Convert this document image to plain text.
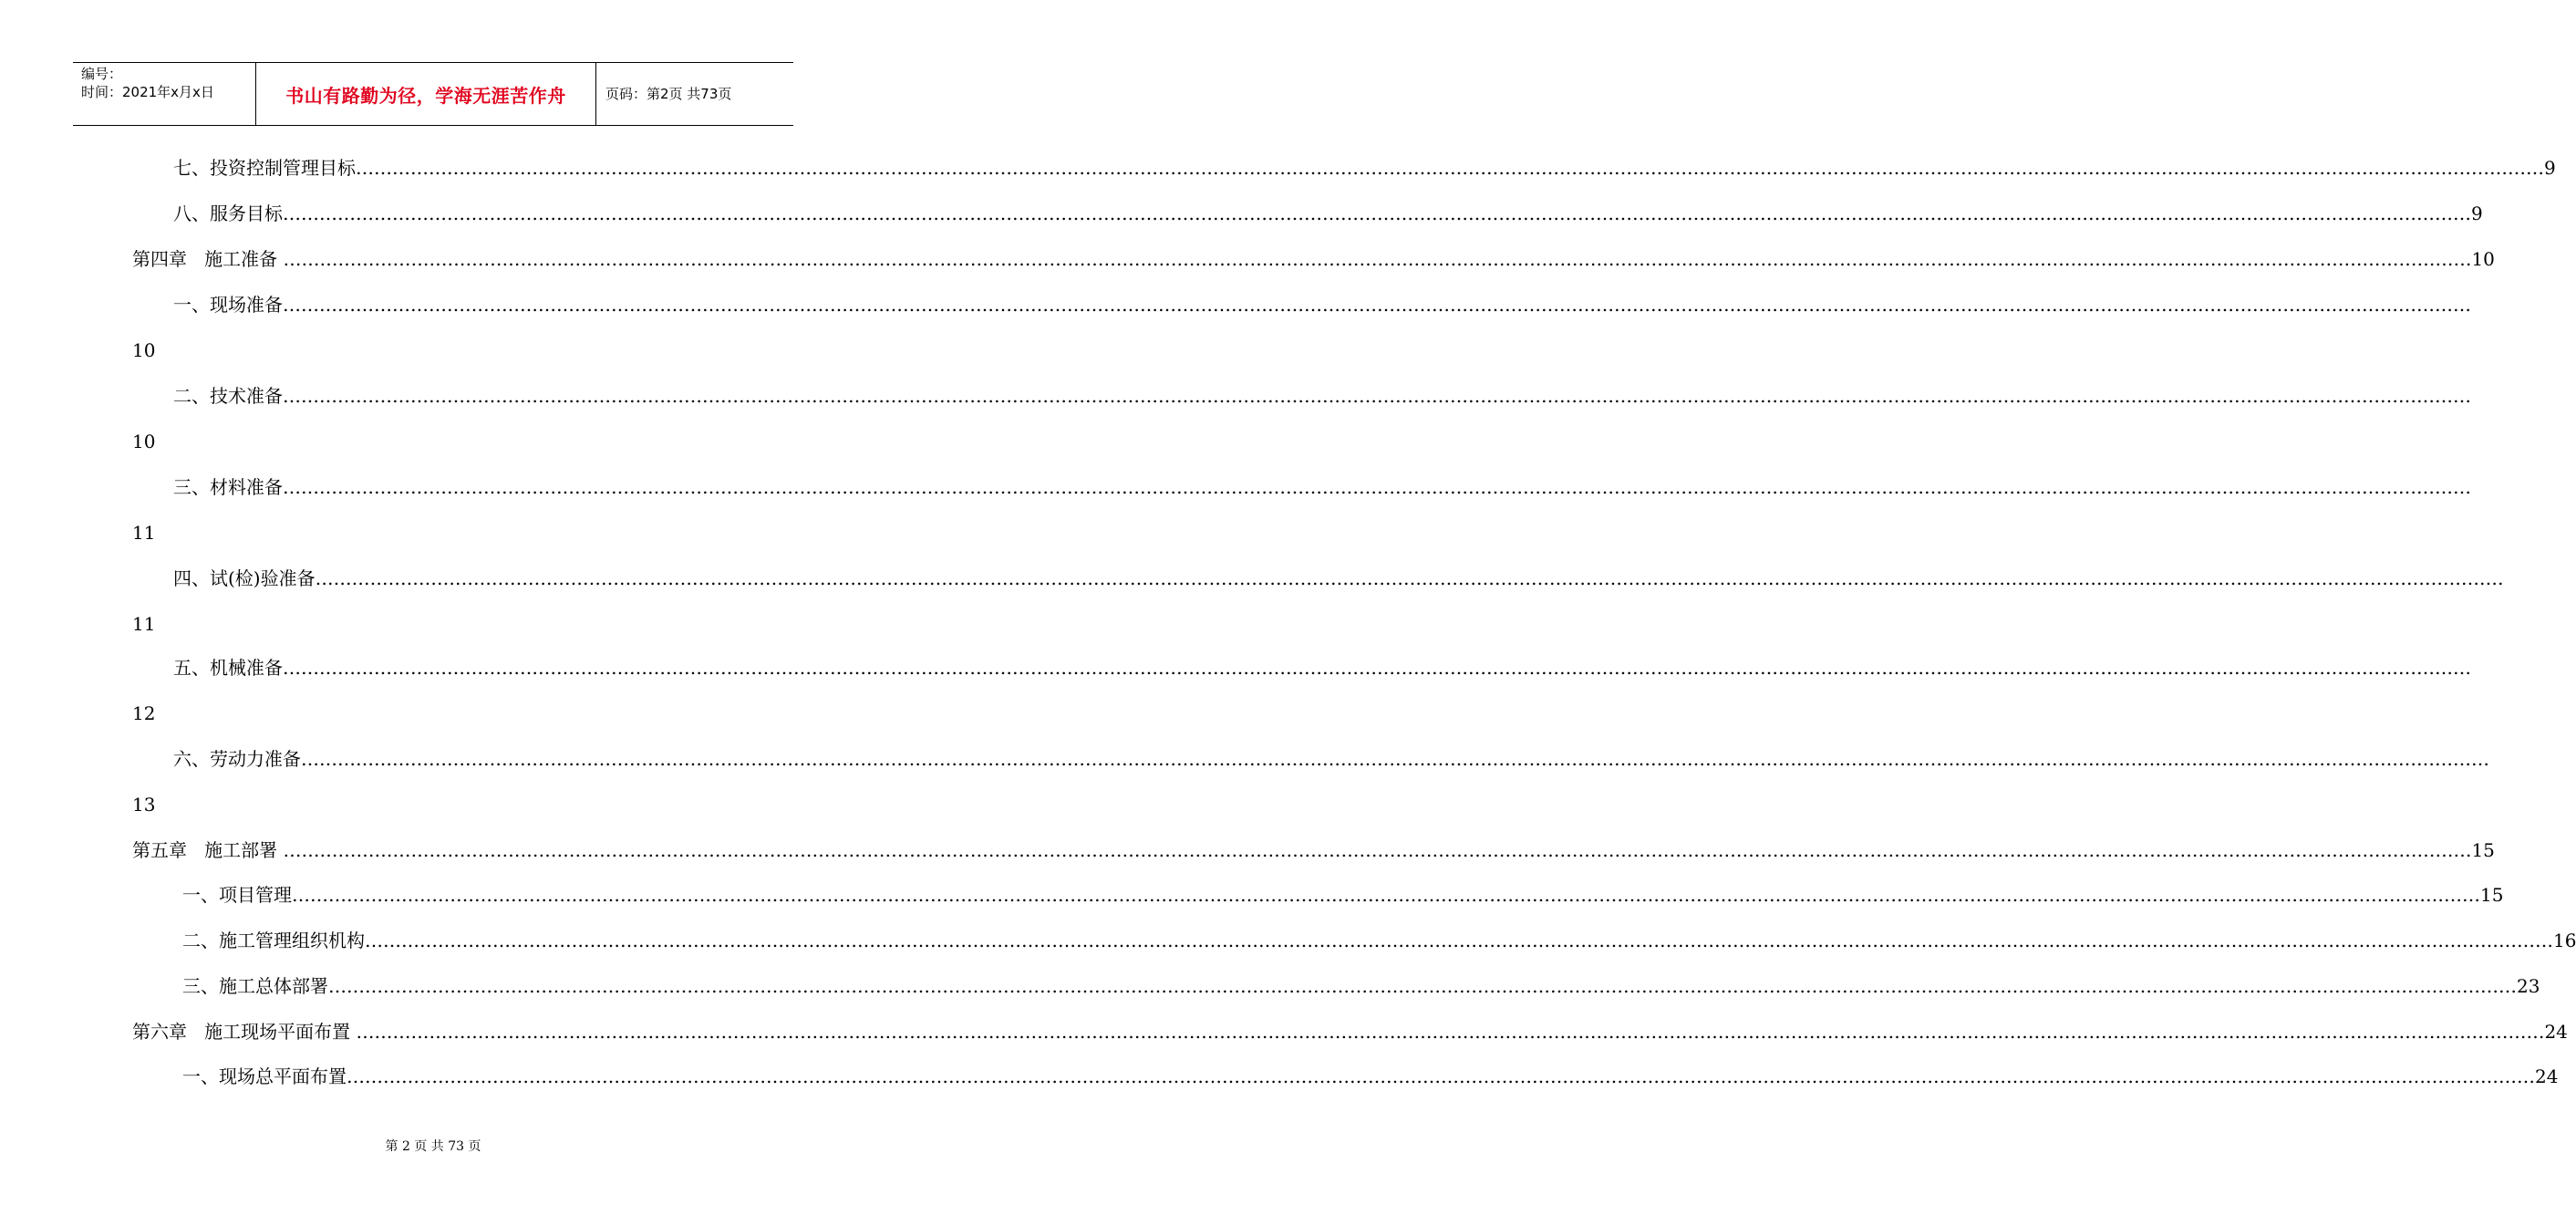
编号：
时间：2021年x月x日	书山有路勤为径，学海无涯苦作舟	页码：第2页 共73页
七、投资控制管理目标 ……………………………………………………………………………………………………………………………………………………………………………………………………………………………………………………………………………………………………………………………… 9
八、服务目标 ……………………………………………………………………………………………………………………………………………………………………………………………………………………………………………………………………………………………………………………………… 9
第四章   施工准备 ……………………………………………………………………………………………………………………………………………………………………………………………………………………………………………………………………………………………………………………………… 10
一、现场准备 ………………………………………………………………………………………………………………………………………………………………………………………………………………………………………………………………………………………………………………………………
10
二、技术准备 ………………………………………………………………………………………………………………………………………………………………………………………………………………………………………………………………………………………………………………………………
10
三、材料准备 ………………………………………………………………………………………………………………………………………………………………………………………………………………………………………………………………………………………………………………………………
11
四、试(检)验准备 ………………………………………………………………………………………………………………………………………………………………………………………………………………………………………………………………………………………………………………………………
11
五、机械准备 ………………………………………………………………………………………………………………………………………………………………………………………………………………………………………………………………………………………………………………………………
12
六、劳动力准备 ………………………………………………………………………………………………………………………………………………………………………………………………………………………………………………………………………………………………………………………………
13
第五章   施工部署 ……………………………………………………………………………………………………………………………………………………………………………………………………………………………………………………………………………………………………………………………… 15
一、项目管理 ……………………………………………………………………………………………………………………………………………………………………………………………………………………………………………………………………………………………………………………………… 15
二、施工管理组织机构 ……………………………………………………………………………………………………………………………………………………………………………………………………………………………………………………………………………………………………………………………… 16
三、施工总体部署 ……………………………………………………………………………………………………………………………………………………………………………………………………………………………………………………………………………………………………………………………… 23
第六章   施工现场平面布置 ……………………………………………………………………………………………………………………………………………………………………………………………………………………………………………………………………………………………………………………………… 24
一、现场总平面布置 ……………………………………………………………………………………………………………………………………………………………………………………………………………………………………………………………………………………………………………………………… 24
第 2 页 共 73 页
